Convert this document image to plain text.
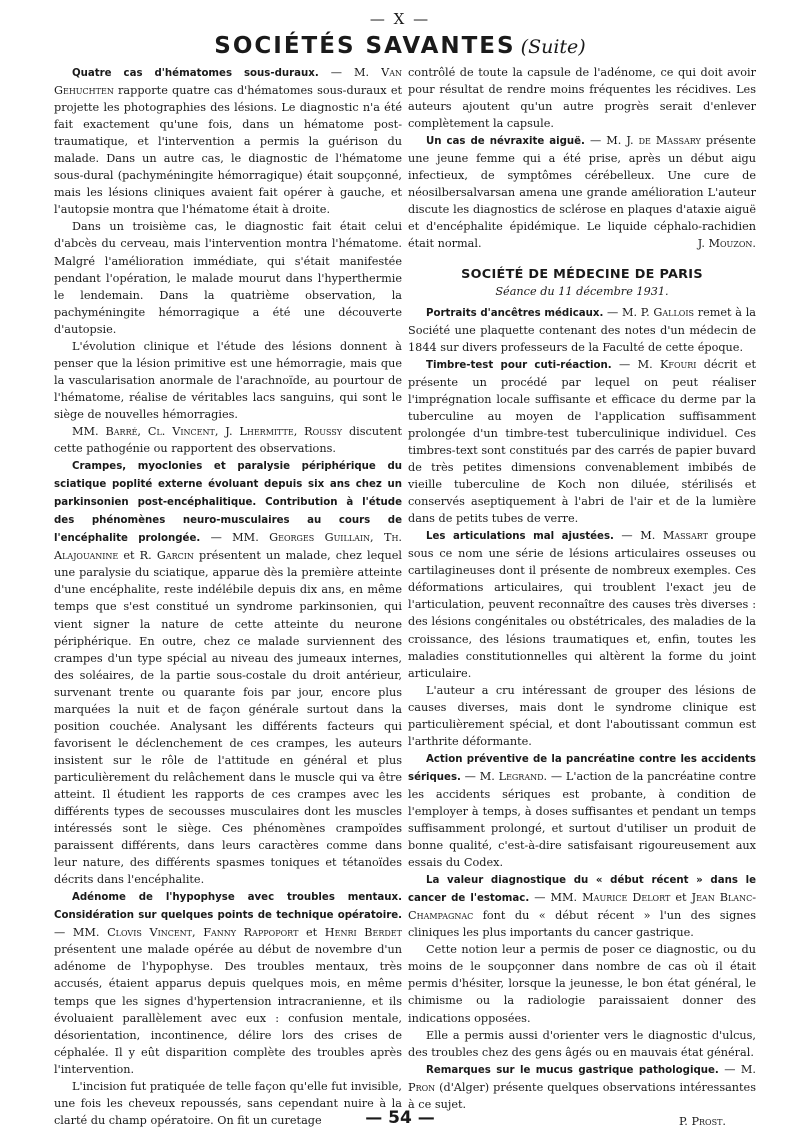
— X —
SOCIÉTÉS SAVANTES (Suite)

Quatre cas d'hématomes sous-duraux. — M. Van Gehuchten rapporte quatre cas d'hématomes sous-duraux et projette les photographies des lésions. Le diagnostic n'a été fait exactement qu'une fois, dans un hématome post-traumatique, et l'intervention a permis la guérison du malade. Dans un autre cas, le diagnostic de l'hématome sous-dural (pachyméningite hémorragique) était soupçonné, mais les lésions cliniques avaient fait opérer à gauche, et l'autopsie montra que l'hématome était à droite.

Dans un troisième cas, le diagnostic fait était celui d'abcès du cerveau, mais l'intervention montra l'hématome. Malgré l'amélioration immédiate, qui s'était manifestée pendant l'opération, le malade mourut dans l'hyperthermie le lendemain. Dans la quatrième observation, la pachyméningite hémorragique a été une découverte d'autopsie.

L'évolution clinique et l'étude des lésions donnent à penser que la lésion primitive est une hémorragie, mais que la vascularisation anormale de l'arachnoïde, au pourtour de l'hématome, réalise de véritables lacs sanguins, qui sont le siège de nouvelles hémorragies.

MM. Barré, Cl. Vincent, J. Lhermitte, Roussy discutent cette pathogénie ou rapportent des observations.

Crampes, myoclonies et paralysie périphérique du sciatique poplité externe évoluant depuis six ans chez un parkinsonien post-encéphalitique. Contribution à l'étude des phénomènes neuro-musculaires au cours de l'encéphalite prolongée. — MM. Georges Guillain, Th. Alajouanine et R. Garcin présentent un malade, chez lequel une paralysie du sciatique, apparue dès la première atteinte d'une encéphalite, reste indélébile depuis dix ans, en même temps que s'est constitué un syndrome parkinsonien, qui vient signer la nature de cette atteinte du neurone périphérique. En outre, chez ce malade surviennent des crampes d'un type spécial au niveau des jumeaux internes, des soléaires, de la partie sous-costale du droit antérieur, survenant trente ou quarante fois par jour, encore plus marquées la nuit et de façon générale surtout dans la position couchée. Analysant les différents facteurs qui favorisent le déclenchement de ces crampes, les auteurs insistent sur le rôle de l'attitude en général et plus particulièrement du relâchement dans le muscle qui va être atteint. Il étudient les rapports de ces crampes avec les différents types de secousses musculaires dont les muscles intéressés sont le siège. Ces phénomènes crampoïdes paraissent différents, dans leurs caractères comme dans leur nature, des différents spasmes toniques et tétanoïdes décrits dans l'encéphalite.

Adénome de l'hypophyse avec troubles mentaux. Considération sur quelques points de technique opératoire. — MM. Clovis Vincent, Fanny Rappoport et Henri Berdet présentent une malade opérée au début de novembre d'un adénome de l'hypophyse. Des troubles mentaux, très accusés, étaient apparus depuis quelques mois, en même temps que les signes d'hypertension intracranienne, et ils évoluaient parallèlement avec eux : confusion mentale, désorientation, incontinence, délire lors des crises de céphalée. Il y eût disparition complète des troubles après l'intervention.

L'incision fut pratiquée de telle façon qu'elle fut invisible, une fois les cheveux repoussés, sans cependant nuire à la clarté du champ opératoire. On fit un curetage

contrôlé de toute la capsule de l'adénome, ce qui doit avoir pour résultat de rendre moins fréquentes les récidives. Les auteurs ajoutent qu'un autre progrès serait d'enlever complètement la capsule.

Un cas de névraxite aiguë. — M. J. de Massary présente une jeune femme qui a été prise, après un début aigu infectieux, de symptômes cérébelleux. Une cure de néosilbersalvarsan amena une grande amélioration L'auteur discute les diagnostics de sclérose en plaques d'ataxie aiguë et d'encéphalite épidémique. Le liquide céphalo-rachidien était normal.	J. Mouzon.

SOCIÉTÉ DE MÉDECINE DE PARIS

Séance du 11 décembre 1931.

Portraits d'ancêtres médicaux. — M. P. Gallois remet à la Société une plaquette contenant des notes d'un médecin de 1844 sur divers professeurs de la Faculté de cette époque.

Timbre-test pour cuti-réaction. — M. Kfouri décrit et présente un procédé par lequel on peut réaliser l'imprégnation locale suffisante et efficace du derme par la tuberculine au moyen de l'application suffisamment prolongée d'un timbre-test tuberculinique individuel. Ces timbres-text sont constitués par des carrés de papier buvard de très petites dimensions convenablement imbibés de vieille tuberculine de Koch non diluée, stérilisés et conservés aseptiquement à l'abri de l'air et de la lumière dans de petits tubes de verre.

Les articulations mal ajustées. — M. Massart groupe sous ce nom une série de lésions articulaires osseuses ou cartilagineuses dont il présente de nombreux exemples. Ces déformations articulaires, qui troublent l'exact jeu de l'articulation, peuvent reconnaître des causes très diverses : des lésions congénitales ou obstétricales, des maladies de la croissance, des lésions traumatiques et, enfin, toutes les maladies constitutionnelles qui altèrent la forme du joint articulaire.

L'auteur a cru intéressant de grouper des lésions de causes diverses, mais dont le syndrome clinique est particulièrement spécial, et dont l'aboutissant commun est l'arthrite déformante.

Action préventive de la pancréatine contre les accidents sériques. — M. Legrand. — L'action de la pancréatine contre les accidents sériques est probante, à condition de l'employer à temps, à doses suffisantes et pendant un temps suffisamment prolongé, et surtout d'utiliser un produit de bonne qualité, c'est-à-dire satisfaisant rigoureusement aux essais du Codex.

La valeur diagnostique du « début récent » dans le cancer de l'estomac. — MM. Maurice Delort et Jean Blanc-Champagnac font du « début récent » l'un des signes cliniques les plus importants du cancer gastrique.

Cette notion leur a permis de poser ce diagnostic, ou du moins de le soupçonner dans nombre de cas où il était permis d'hésiter, lorsque la jeunesse, le bon état général, le chimisme ou la radiologie paraissaient donner des indications opposées.

Elle a permis aussi d'orienter vers le diagnostic d'ulcus, des troubles chez des gens âgés ou en mauvais état général.

Remarques sur le mucus gastrique pathologique. — M. Pron (d'Alger) présente quelques observations intéressantes à ce sujet.

P. Prost.

— 54 —
